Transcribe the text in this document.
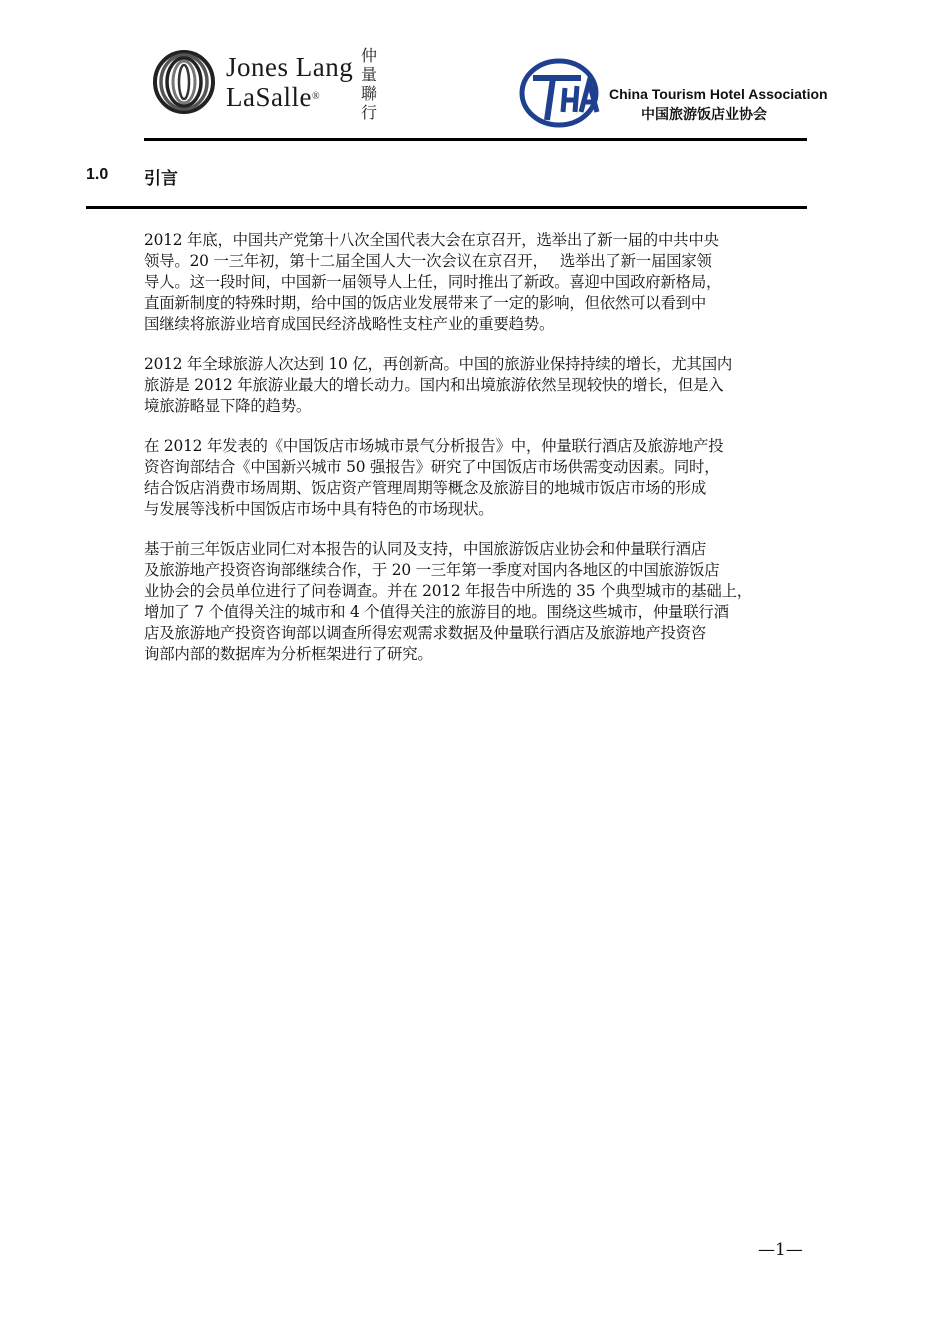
Jones Lang
LaSalle®
仲
量
聯
行
THA
China Tourism Hotel Association
中国旅游饭店业协会
1.0 引言

2012 年底，中国共产党第十八次全国代表大会在京召开，选举出了新一届的中共中央
领导。20 一三年初，第十二届全国人大一次会议在京召开，　 选举出了新一届国家领
导人。这一段时间，中国新一届领导人上任，同时推出了新政。喜迎中国政府新格局，
直面新制度的特殊时期，给中国的饭店业发展带来了一定的影响，但依然可以看到中
国继续将旅游业培育成国民经济战略性支柱产业的重要趋势。

2012 年全球旅游人次达到 10 亿，再创新高。中国的旅游业保持持续的增长，尤其国内
旅游是 2012 年旅游业最大的增长动力。国内和出境旅游依然呈现较快的增长，但是入
境旅游略显下降的趋势。

在 2012 年发表的《中国饭店市场城市景气分析报告》中，仲量联行酒店及旅游地产投
资咨询部结合《中国新兴城市 50 强报告》研究了中国饭店市场供需变动因素。同时，
结合饭店消费市场周期、饭店资产管理周期等概念及旅游目的地城市饭店市场的形成
与发展等浅析中国饭店市场中具有特色的市场现状。

基于前三年饭店业同仁对本报告的认同及支持，中国旅游饭店业协会和仲量联行酒店
及旅游地产投资咨询部继续合作，于 20 一三年第一季度对国内各地区的中国旅游饭店
业协会的会员单位进行了问卷调查。并在 2012 年报告中所选的 35 个典型城市的基础上，
增加了 7 个值得关注的城市和 4 个值得关注的旅游目的地。围绕这些城市，仲量联行酒
店及旅游地产投资咨询部以调查所得宏观需求数据及仲量联行酒店及旅游地产投资咨
询部内部的数据库为分析框架进行了研究。

—1—
